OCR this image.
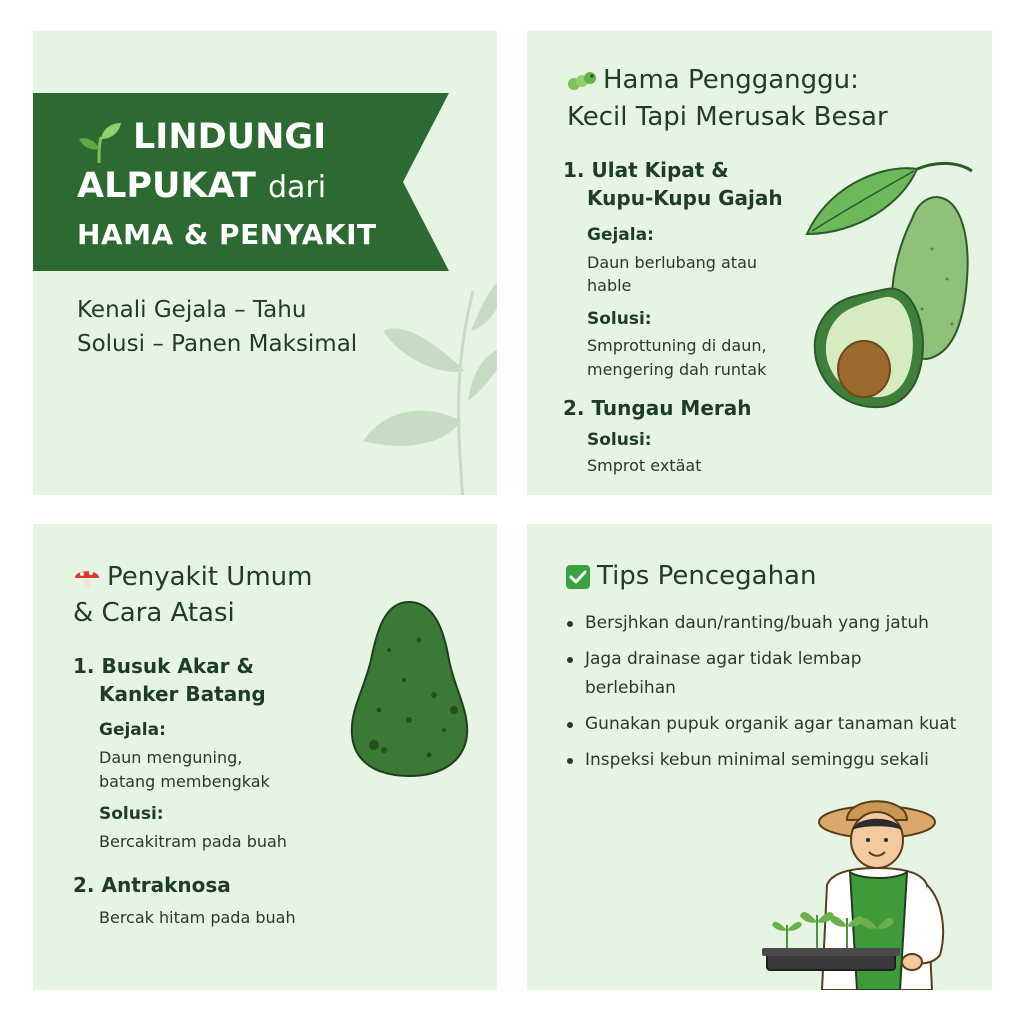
LINDUNGI
ALPUKAT dari
HAMA & PENYAKIT
Kenali Gejala – Tahu
Solusi – Panen Maksimal
Hama Pengganggu:
Kecil Tapi Merusak Besar
1. Ulat Kipat &
Kupu-Kupu Gajah
Gejala:
Daun berlubang atau
hable
Solusi:
Smprottuning di daun,
mengering dah runtak
2. Tungau Merah
Solusi:
Smprot extäat
Penyakit Umum
& Cara Atasi
1. Busuk Akar &
Kanker Batang
Gejala:
Daun menguning,
batang membengkak
Solusi:
Bercakitram pada buah
2. Antraknosa
Bercak hitam pada buah
Tips Pencegahan
Bersjhkan daun/ranting/buah yang jatuh
Jaga drainase agar tidak lembap berlebihan
Gunakan pupuk organik agar tanaman kuat
Inspeksi kebun minimal seminggu sekali
